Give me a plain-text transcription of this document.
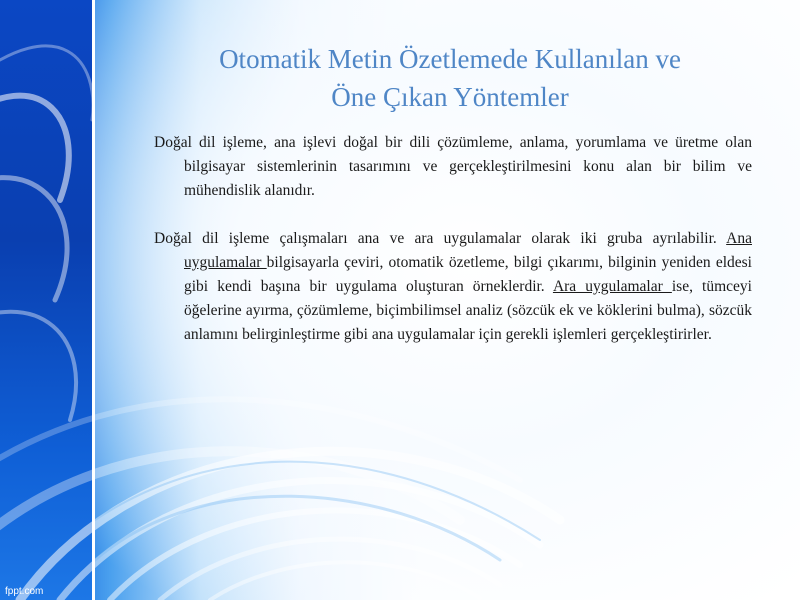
Otomatik Metin Özetlemede Kullanılan ve
Öne Çıkan Yöntemler

Doğal dil işleme, ana işlevi doğal bir dili çözümleme, anlama, yorumlama ve üretme olan bilgisayar sistemlerinin tasarımını ve gerçekleştirilmesini konu alan bir bilim ve mühendislik alanıdır.

Doğal dil işleme çalışmaları ana ve ara uygulamalar olarak iki gruba ayrılabilir. Ana uygulamalar bilgisayarla çeviri, otomatik özetleme, bilgi çıkarımı, bilginin yeniden eldesi gibi kendi başına bir uygulama oluşturan örneklerdir. Ara uygulamalar ise, tümceyi öğelerine ayırma, çözümleme, biçimbilimsel analiz (sözcük ek ve köklerini bulma), sözcük anlamını belirginleştirme gibi ana uygulamalar için gerekli işlemleri gerçekleştirirler.

fppt.com
